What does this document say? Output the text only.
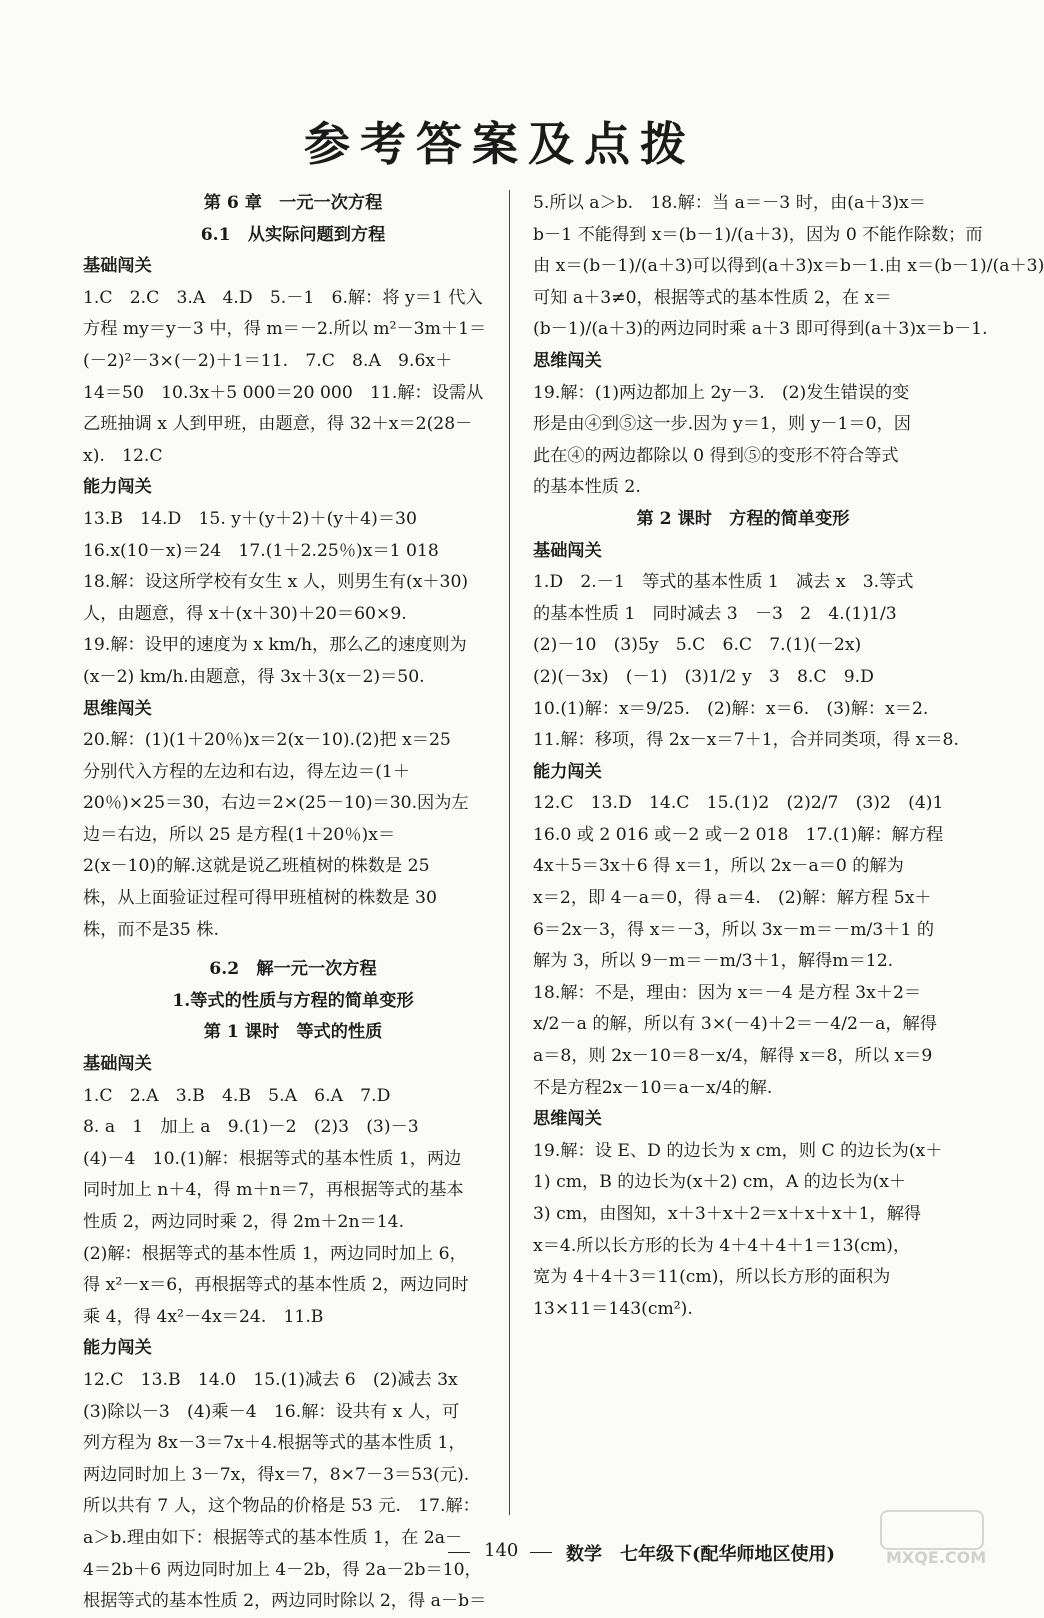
参考答案及点拨
第 6 章　一元一次方程
6.1　从实际问题到方程
基础闯关
1.C　2.C　3.A　4.D　5.－1　6.解：将 y＝1 代入
方程 my＝y－3 中，得 m＝－2.所以 m²－3m＋1＝
(－2)²－3×(－2)＋1＝11.　7.C　8.A　9.6x＋
14＝50　10.3x＋5 000＝20 000　11.解：设需从
乙班抽调 x 人到甲班，由题意，得 32＋x＝2(28－
x).　12.C
能力闯关
13.B　14.D　15. y＋(y＋2)＋(y＋4)＝30
16.x(10－x)＝24　17.(1＋2.25％)x＝1 018
18.解：设这所学校有女生 x 人，则男生有(x＋30)
人，由题意，得 x＋(x＋30)＋20＝60×9.
19.解：设甲的速度为 x km/h，那么乙的速度则为
(x－2) km/h.由题意，得 3x＋3(x－2)＝50.
思维闯关
20.解：(1)(1＋20％)x＝2(x－10).(2)把 x＝25
分别代入方程的左边和右边，得左边＝(1＋
20％)×25＝30，右边＝2×(25－10)＝30.因为左
边＝右边，所以 25 是方程(1＋20％)x＝
2(x－10)的解.这就是说乙班植树的株数是 25
株，从上面验证过程可得甲班植树的株数是 30
株，而不是35 株.
6.2　解一元一次方程
1.等式的性质与方程的简单变形
第 1 课时　等式的性质
基础闯关
1.C　2.A　3.B　4.B　5.A　6.A　7.D
8. a　1　加上 a　9.(1)－2　(2)3　(3)－3
(4)－4　10.(1)解：根据等式的基本性质 1，两边
同时加上 n＋4，得 m＋n＝7，再根据等式的基本
性质 2，两边同时乘 2，得 2m＋2n＝14.
(2)解：根据等式的基本性质 1，两边同时加上 6，
得 x²－x＝6，再根据等式的基本性质 2，两边同时
乘 4，得 4x²－4x＝24.　11.B
能力闯关
12.C　13.B　14.0　15.(1)减去 6　(2)减去 3x
(3)除以－3　(4)乘－4　16.解：设共有 x 人，可
列方程为 8x－3＝7x＋4.根据等式的基本性质 1，
两边同时加上 3－7x，得x＝7，8×7－3＝53(元).
所以共有 7 人，这个物品的价格是 53 元.　17.解：
a＞b.理由如下：根据等式的基本性质 1，在 2a－
4＝2b＋6 两边同时加上 4－2b，得 2a－2b＝10，
根据等式的基本性质 2，两边同时除以 2，得 a－b＝
5.所以 a＞b.　18.解：当 a＝－3 时，由(a＋3)x＝
b－1 不能得到 x＝(b－1)/(a＋3)，因为 0 不能作除数；而
由 x＝(b－1)/(a＋3)可以得到(a＋3)x＝b－1.由 x＝(b－1)/(a＋3)
可知 a＋3≠0，根据等式的基本性质 2，在 x＝
(b－1)/(a＋3)的两边同时乘 a＋3 即可得到(a＋3)x＝b－1.
思维闯关
19.解：(1)两边都加上 2y－3.　(2)发生错误的变
形是由④到⑤这一步.因为 y＝1，则 y－1＝0，因
此在④的两边都除以 0 得到⑤的变形不符合等式
的基本性质 2.
第 2 课时　方程的简单变形
基础闯关
1.D　2.－1　等式的基本性质 1　减去 x　3.等式
的基本性质 1　同时减去 3　－3　2　4.(1)1/3
(2)－10　(3)5y　5.C　6.C　7.(1)(－2x)
(2)(－3x)　(－1)　(3)1/2 y　3　8.C　9.D
10.(1)解：x＝9/25.　(2)解：x＝6.　(3)解：x＝2.
11.解：移项，得 2x－x＝7＋1，合并同类项，得 x＝8.
能力闯关
12.C　13.D　14.C　15.(1)2　(2)2/7　(3)2　(4)1
16.0 或 2 016 或－2 或－2 018　17.(1)解：解方程
4x＋5＝3x＋6 得 x＝1，所以 2x－a＝0 的解为
x＝2，即 4－a＝0，得 a＝4.　(2)解：解方程 5x＋
6＝2x－3，得 x＝－3，所以 3x－m＝－m/3＋1 的
解为 3，所以 9－m＝－m/3＋1，解得m＝12.
18.解：不是，理由：因为 x＝－4 是方程 3x＋2＝
x/2－a 的解，所以有 3×(－4)＋2＝－4/2－a，解得
a＝8，则 2x－10＝8－x/4，解得 x＝8，所以 x＝9
不是方程2x－10＝a－x/4的解.
思维闯关
19.解：设 E、D 的边长为 x cm，则 C 的边长为(x＋
1) cm，B 的边长为(x＋2) cm，A 的边长为(x＋
3) cm，由图知，x＋3＋x＋2＝x＋x＋x＋1，解得
x＝4.所以长方形的长为 4＋4＋4＋1＝13(cm)，
宽为 4＋4＋3＝11(cm)，所以长方形的面积为
13×11＝143(cm²).
140	数学　七年级下(配华师地区使用)	MXQE.COM
